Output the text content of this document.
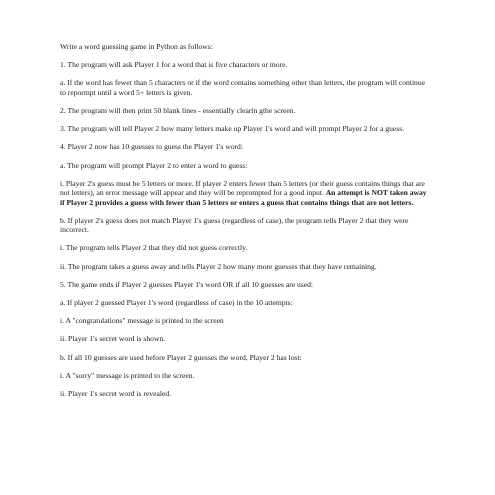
Write a word guessing game in Python as follows:

1. The program will ask Player 1 for a word that is five characters or more.

a. If the word has fewer than 5 characters or if the word contains something other than letters, the program will continue to repormpt until a word 5+ letters is given.

2. The program will then print 50 blank lines - essentially clearin gthe screen.

3. The program will tell Player 2 how many letters make up Player 1's word and will prompt Player 2 for a guess.

4. Player 2 now has 10 guesses to guess the Player 1's word:

a. The program will prompt Player 2 to enter a word to guess:

i. Player 2's guess must be 5 letters or more. If player 2 enters fewer than 5 letters (or their guess contains things that are not letters), an error message will appear and they will be reprompted for a good input. An attempt is NOT taken away if Player 2 provides a guess with fewer than 5 letters or enters a guess that contains things that are not letters.

b. If player 2's guess does not match Player 1's guess (regardless of case), the program tells Player 2 that they were incorrect.

i. The program tells Player 2 that they did not guess correctly.

ii. The program takes a guess away and tells Player 2 how many more guesses that they have remaining.

5. The game ends if Player 2 guesses Player 1's word OR if all 10 guesses are used:

a. If player 2 guessed Player 1's word (regardless of case) in the 10 attempts:

i. A "congratulations" message is printed to the screen

ii. Player 1's secret word is shown.

b. If all 10 guesses are used before Player 2 guesses the word, Player 2 has lost:

i. A "sorry" message is printed to the screen.

ii. Player 1's secret word is revealed.
